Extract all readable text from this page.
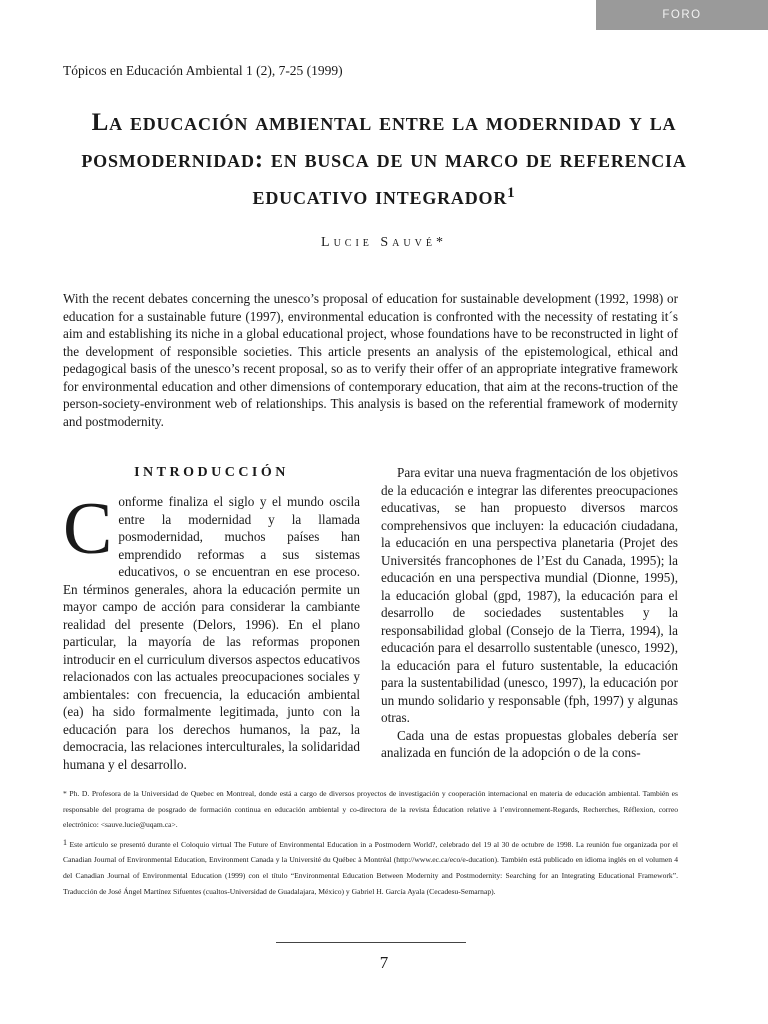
FORO
Tópicos en Educación Ambiental 1 (2), 7-25 (1999)
La educación ambiental entre la modernidad y la posmodernidad: en busca de un marco de referencia educativo integrador$^1$
Lucie Sauvé*
With the recent debates concerning the unesco’s proposal of education for sustainable development (1992, 1998) or education for a sustainable future (1997), environmental education is confronted with the necessity of restating it´s aim and establishing its niche in a global educational project, whose foundations have to be reconstructed in light of the development of responsible societies. This article presents an analysis of the epistemological, ethical and pedagogical basis of the unesco’s recent proposal, so as to verify their offer of an appropriate integrative framework for environmental education and other dimensions of contemporary education, that aim at the recons-truction of the person-society-environment web of relationships. This analysis is based on the referential framework of modernity and postmodernity.
INTRODUCCIÓN
C onforme finaliza el siglo y el mundo oscila entre la modernidad y la llamada posmodernidad, muchos países han emprendido reformas a sus sistemas educativos, o se encuentran en ese proceso. En términos generales, ahora la educación permite un mayor campo de acción para considerar la cambiante realidad del presente (Delors, 1996). En el plano particular, la mayoría de las reformas proponen introducir en el curriculum diversos aspectos educativos relacionados con las actuales preocupaciones sociales y ambientales: con frecuencia, la educación ambiental (ea) ha sido formalmente legitimada, junto con la educación para los derechos humanos, la paz, la democracia, las relaciones interculturales, la solidaridad humana y el desarrollo.

Para evitar una nueva fragmentación de los objetivos de la educación e integrar las diferentes preocupaciones educativas, se han propuesto diversos marcos comprehensivos que incluyen: la educación ciudadana, la educación en una perspectiva planetaria (Projet des Universités francophones de l’Est du Canada, 1995); la educación en una perspectiva mundial (Dionne, 1995), la educación global (gpd, 1987), la educación para el desarrollo de sociedades sustentables y la responsabilidad global (Consejo de la Tierra, 1994), la educación para el desarrollo sustentable (unesco, 1992), la educación para el futuro sustentable, la educación para la sustentabilidad (unesco, 1997), la educación por un mundo solidario y responsable (fph, 1997) y algunas otras.

Cada una de estas propuestas globales debería ser analizada en función de la adopción o de la cons-

* Ph. D. Profesora de la Universidad de Quebec en Montreal, donde está a cargo de diversos proyectos de investigación y cooperación internacional en materia de educación ambiental. También es responsable del programa de posgrado de formación continua en educación ambiental y co-directora de la revista Éducation relative à l’environnement-Regards, Recherches, Réflexion, correo electrónico: <sauve.lucie@uqam.ca>.

$^1$ Este artículo se presentó durante el Coloquio virtual The Future of Environmental Education in a Postmodern World?, celebrado del 19 al 30 de octubre de 1998. La reunión fue organizada por el Canadian Journal of Environmental Education, Environment Canada y la Université du Québec à Montréal (http://www.ec.ca/eco/e-ducation). También está publicado en idioma inglés en el volumen 4 del Canadian Journal of Environmental Education (1999) con el título “Environmental Education Between Modernity and Postmodernity: Searching for an Integrating Educational Framework”. Traducción de José Ángel Martínez Sifuentes (cualtos-Universidad de Guadalajara, México) y Gabriel H. García Ayala (Cecadesu-Semarnap).

7
